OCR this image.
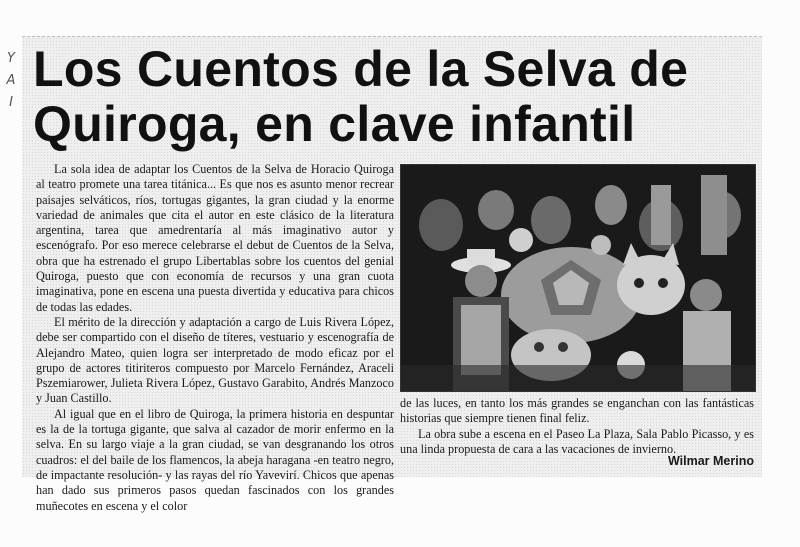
Y
A
I
Los Cuentos de la Selva de
Quiroga, en clave infantil

La sola idea de adaptar los Cuentos de la Selva de Horacio Quiroga al teatro promete una tarea titánica... Es que nos es asunto menor recrear paisajes selváticos, ríos, tortugas gigantes, la gran ciudad y la enorme variedad de animales que cita el autor en este clásico de la literatura argentina, tarea que amedrentaría al más imaginativo autor y escenógrafo. Por eso merece celebrarse el debut de Cuentos de la Selva, obra que ha estrenado el grupo Libertablas sobre los cuentos del genial Quiroga, puesto que con economía de recursos y una gran cuota imaginativa, pone en escena una puesta divertida y educativa para chicos de todas las edades.

El mérito de la dirección y adaptación a cargo de Luis Rivera López, debe ser compartido con el diseño de títeres, vestuario y escenografía de Alejandro Mateo, quien logra ser interpretado de modo eficaz por el grupo de actores titiriteros compuesto por Marcelo Fernández, Araceli Pszemiarower, Julieta Rivera López, Gustavo Garabito, Andrés Manzoco y Juan Castillo.

Al igual que en el libro de Quiroga, la primera historia en despuntar es la de la tortuga gigante, que salva al cazador de morir enfermo en la selva. En su largo viaje a la gran ciudad, se van desgranando los otros cuadros: el del baile de los flamencos, la abeja haragana -en teatro negro, de impactante resolución- y las rayas del río Yavevirí. Chicos que apenas han dado sus primeros pasos quedan fascinados con los grandes muñecotes en escena y el color

de las luces, en tanto los más grandes se enganchan con las fantásticas historias que siempre tienen final feliz.

La obra sube a escena en el Paseo La Plaza, Sala Pablo Picasso, y es una linda propuesta de cara a las vacaciones de invierno.

Wilmar Merino
